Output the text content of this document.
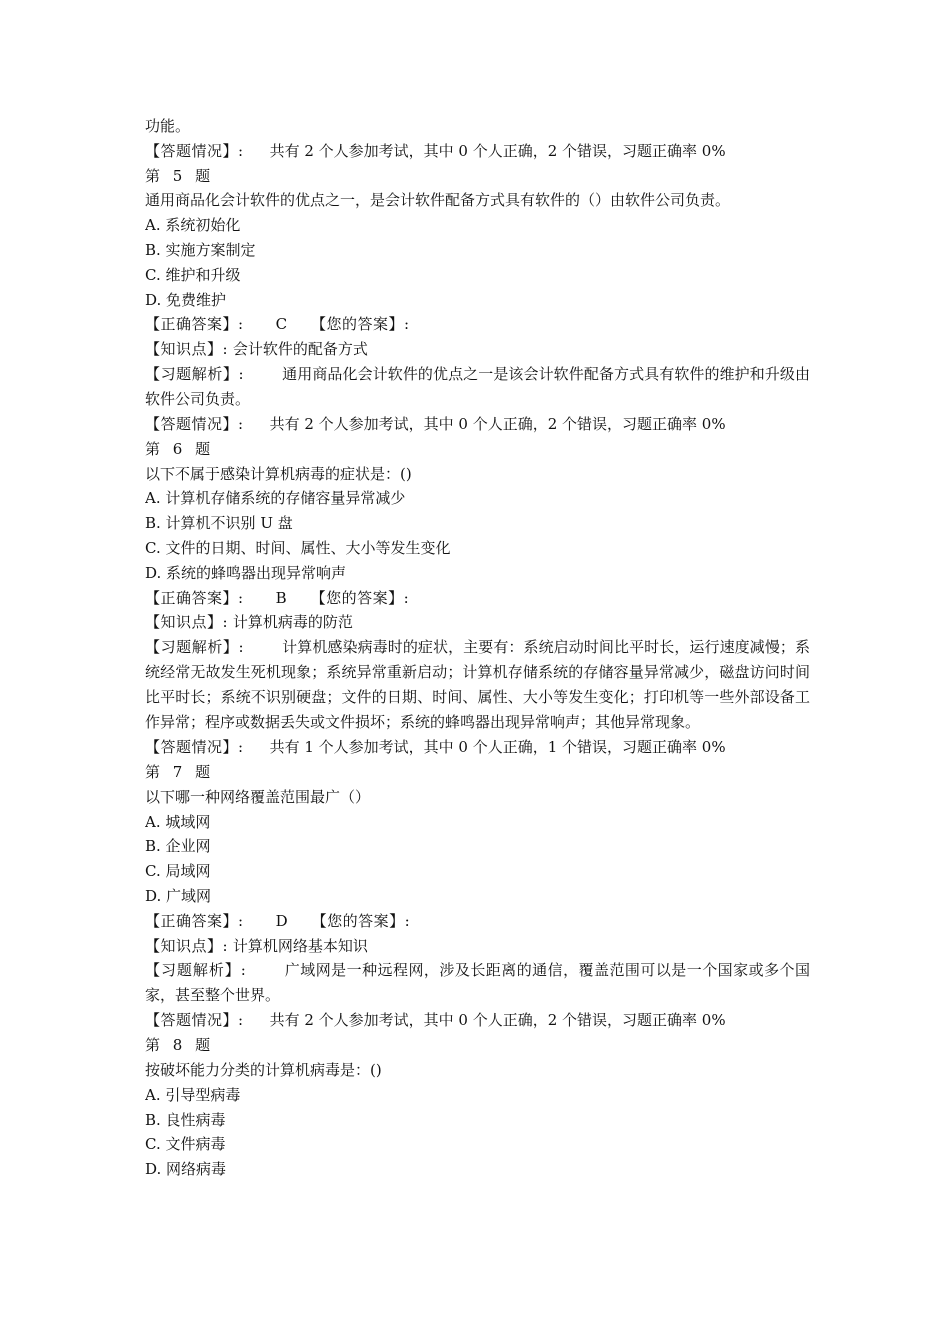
功能。
【答题情况】: 共有 2 个人参加考试，其中 0 个人正确，2 个错误，习题正确率 0%
第 5 题
通用商品化会计软件的优点之一，是会计软件配备方式具有软件的（）由软件公司负责。
A. 系统初始化
B. 实施方案制定
C. 维护和升级
D. 免费维护
【正确答案】: C 【您的答案】:
【知识点】: 会计软件的配备方式
【习题解析】:	通用商品化会计软件的优点之一是该会计软件配备方式具有软件的维护和升级由软件公司负责。
【答题情况】: 共有 2 个人参加考试，其中 0 个人正确，2 个错误，习题正确率 0%
第 6 题
以下不属于感染计算机病毒的症状是：()
A. 计算机存储系统的存储容量异常减少
B. 计算机不识别 U 盘
C. 文件的日期、时间、属性、大小等发生变化
D. 系统的蜂鸣器出现异常响声
【正确答案】: B 【您的答案】:
【知识点】: 计算机病毒的防范
【习题解析】:	计算机感染病毒时的症状，主要有：系统启动时间比平时长，运行速度减慢；系统经常无故发生死机现象；系统异常重新启动；计算机存储系统的存储容量异常减少，磁盘访问时间比平时长；系统不识别硬盘；文件的日期、时间、属性、大小等发生变化；打印机等一些外部设备工作异常；程序或数据丢失或文件损坏；系统的蜂鸣器出现异常响声；其他异常现象。
【答题情况】: 共有 1 个人参加考试，其中 0 个人正确，1 个错误，习题正确率 0%
第 7 题
以下哪一种网络覆盖范围最广（）
A. 城域网
B. 企业网
C. 局域网
D. 广域网
【正确答案】: D 【您的答案】:
【知识点】: 计算机网络基本知识
【习题解析】:	广域网是一种远程网，涉及长距离的通信，覆盖范围可以是一个国家或多个国家，甚至整个世界。
【答题情况】: 共有 2 个人参加考试，其中 0 个人正确，2 个错误，习题正确率 0%
第 8 题
按破坏能力分类的计算机病毒是：()
A. 引导型病毒
B. 良性病毒
C. 文件病毒
D. 网络病毒
